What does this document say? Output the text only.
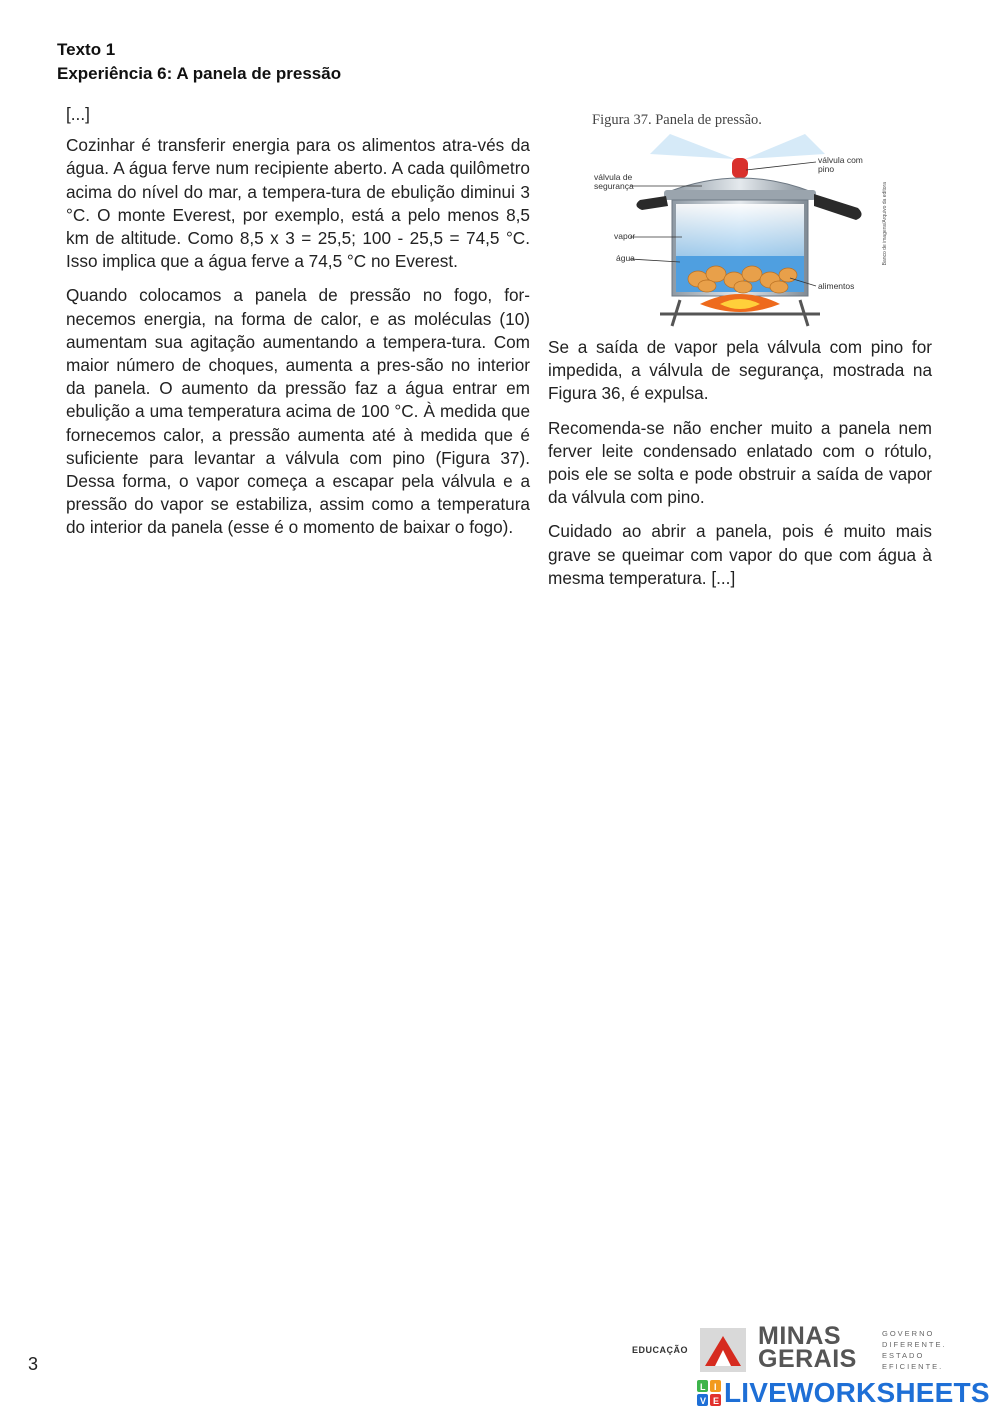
Texto 1
Experiência 6: A panela de pressão

[...]

Cozinhar é transferir energia para os alimentos atra-vés da água. A água ferve num recipiente aberto. A cada quilômetro acima do nível do mar, a tempera-tura de ebulição diminui 3 °C. O monte Everest, por exemplo, está a pelo menos 8,5 km de altitude. Como 8,5 x 3 = 25,5; 100 - 25,5 = 74,5 °C. Isso implica que a água ferve a 74,5 °C no Everest.

Quando colocamos a panela de pressão no fogo, for-necemos energia, na forma de calor, e as moléculas (10) aumentam sua agitação aumentando a tempera-tura. Com maior número de choques, aumenta a pres-são no interior da panela. O aumento da pressão faz a água entrar em ebulição a uma temperatura acima de 100 °C. À medida que fornecemos calor, a pressão aumenta até à medida que é suficiente para levantar a válvula com pino (Figura 37). Dessa forma, o vapor começa a escapar pela válvula e a pressão do vapor se estabiliza, assim como a temperatura do interior da panela (esse é o momento de baixar o fogo).

Figura 37. Panela de pressão.
válvula de segurança
válvula com pino
vapor
água
alimentos
Banco de imagens/Arquivo da editora

Se a saída de vapor pela válvula com pino for impedida, a válvula de segurança, mostrada na Figura 36, é expulsa.

Recomenda-se não encher muito a panela nem ferver leite condensado enlatado com o rótulo, pois ele se solta e pode obstruir a saída de vapor da válvula com pino.

Cuidado ao abrir a panela, pois é muito mais grave se queimar com vapor do que com água à mesma temperatura. [...]

3
EDUCAÇÃO	MINAS
GERAIS
GOVERNO
DIFERENTE.
ESTADO
EFICIENTE.
L I
V E LIVEWORKSHEETS
